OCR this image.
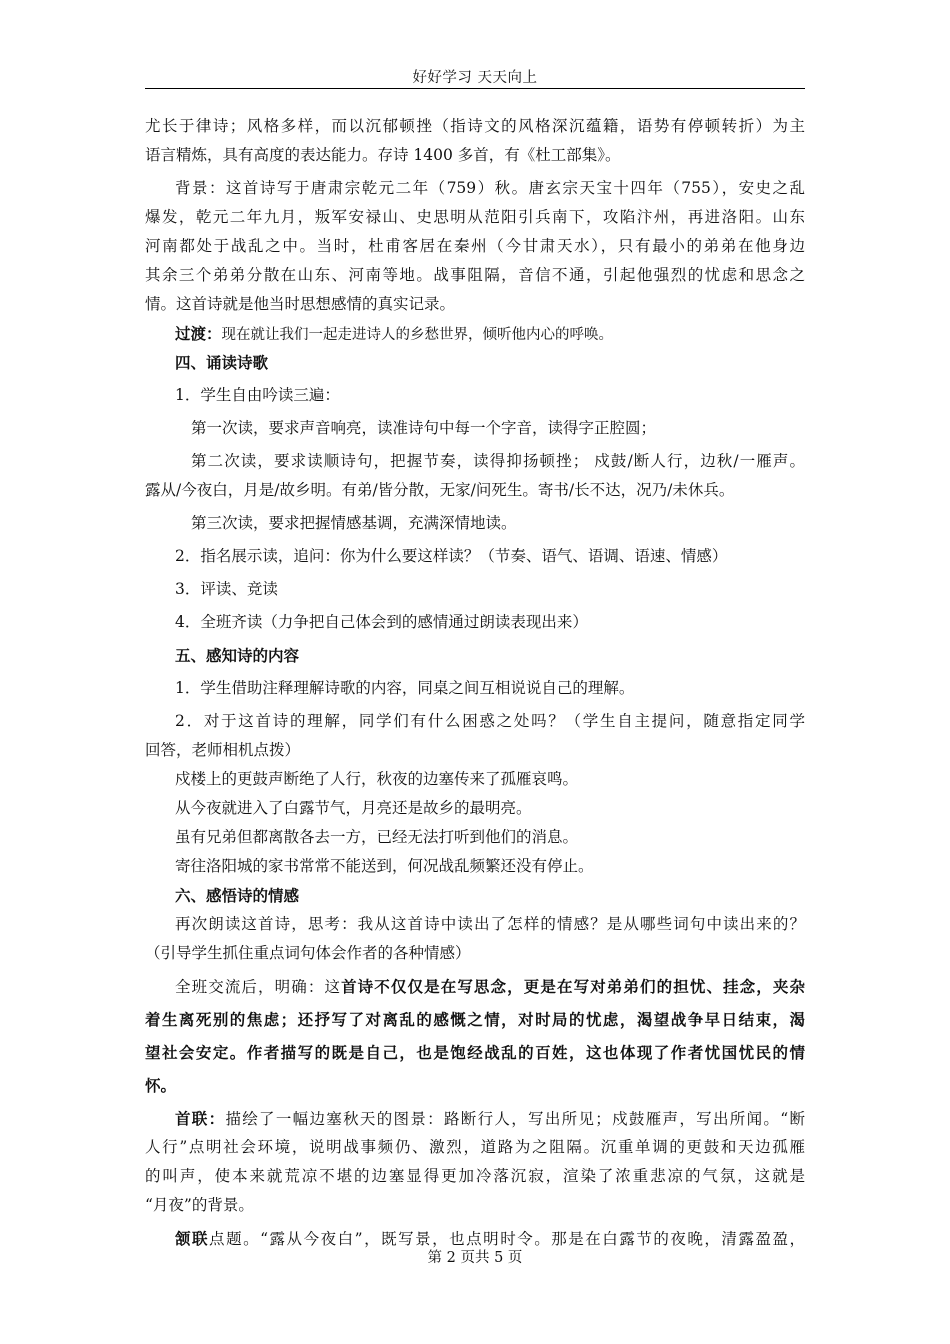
好好学习 天天向上
尤长于律诗；风格多样，而以沉郁顿挫（指诗文的风格深沉蕴籍，语势有停顿转折）为主
语言精炼，具有高度的表达能力。存诗 1400 多首，有《杜工部集》。
背景：这首诗写于唐肃宗乾元二年（759）秋。唐玄宗天宝十四年（755），安史之乱
爆发，乾元二年九月，叛军安禄山、史思明从范阳引兵南下，攻陷汴州，再进洛阳。山东
河南都处于战乱之中。当时，杜甫客居在秦州（今甘肃天水），只有最小的弟弟在他身边
其余三个弟弟分散在山东、河南等地。战事阻隔，音信不通，引起他强烈的忧虑和思念之
情。这首诗就是他当时思想感情的真实记录。
过渡：现在就让我们一起走进诗人的乡愁世界，倾听他内心的呼唤。
四、诵读诗歌
1．学生自由吟读三遍：
第一次读，要求声音响亮，读准诗句中每一个字音，读得字正腔圆；
第二次读，要求读顺诗句，把握节奏，读得抑扬顿挫； 戍鼓/断人行，边秋/一雁声。
露从/今夜白，月是/故乡明。有弟/皆分散，无家/问死生。寄书/长不达，况乃/未休兵。
第三次读，要求把握情感基调，充满深情地读。
2．指名展示读，追问：你为什么要这样读？（节奏、语气、语调、语速、情感）
3．评读、竞读
4．全班齐读（力争把自己体会到的感情通过朗读表现出来）
五、感知诗的内容
1．学生借助注释理解诗歌的内容，同桌之间互相说说自己的理解。
2．对于这首诗的理解，同学们有什么困惑之处吗？（学生自主提问，随意指定同学
回答，老师相机点拨）
戍楼上的更鼓声断绝了人行，秋夜的边塞传来了孤雁哀鸣。
从今夜就进入了白露节气，月亮还是故乡的最明亮。
虽有兄弟但都离散各去一方，已经无法打听到他们的消息。
寄往洛阳城的家书常常不能送到，何况战乱频繁还没有停止。
六、感悟诗的情感
再次朗读这首诗，思考：我从这首诗中读出了怎样的情感？是从哪些词句中读出来的？
（引导学生抓住重点词句体会作者的各种情感）
全班交流后，明确：这首诗不仅仅是在写思念，更是在写对弟弟们的担忧、挂念，夹杂
着生离死别的焦虑；还抒写了对离乱的感慨之情，对时局的忧虑，渴望战争早日结束，渴
望社会安定。作者描写的既是自己，也是饱经战乱的百姓，这也体现了作者忧国忧民的情
怀。
首联：描绘了一幅边塞秋天的图景：路断行人，写出所见；戍鼓雁声，写出所闻。“断
人行”点明社会环境，说明战事频仍、激烈，道路为之阻隔。沉重单调的更鼓和天边孤雁
的叫声，使本来就荒凉不堪的边塞显得更加冷落沉寂，渲染了浓重悲凉的气氛，这就是
“月夜”的背景。
颔联点题。“露从今夜白”，既写景，也点明时令。那是在白露节的夜晚，清露盈盈，
第 2 页共 5 页
